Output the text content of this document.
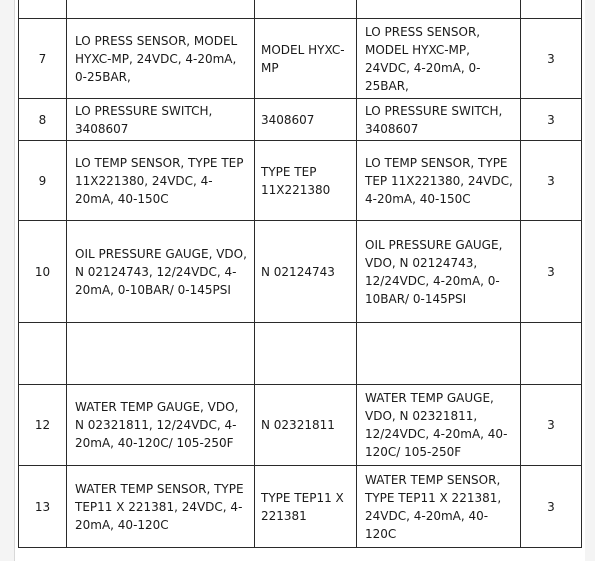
7	LO PRESS SENSOR, MODEL HYXC-MP, 24VDC, 4-20mA, 0-25BAR,	MODEL HYXC-MP	LO PRESS SENSOR, MODEL HYXC-MP, 24VDC, 4-20mA, 0-25BAR,	3
8	LO PRESSURE SWITCH, 3408607	3408607	LO PRESSURE SWITCH, 3408607	3
9	LO TEMP SENSOR, TYPE TEP 11X221380, 24VDC, 4-20mA, 40-150C	TYPE TEP 11X221380	LO TEMP SENSOR, TYPE TEP 11X221380, 24VDC, 4-20mA, 40-150C	3
10	OIL PRESSURE GAUGE, VDO, N 02124743, 12/24VDC, 4-20mA, 0-10BAR/ 0-145PSI	N 02124743	OIL PRESSURE GAUGE, VDO, N 02124743, 12/24VDC, 4-20mA, 0-10BAR/ 0-145PSI	3

12	WATER TEMP GAUGE, VDO, N 02321811, 12/24VDC, 4-20mA, 40-120C/ 105-250F	N 02321811	WATER TEMP GAUGE, VDO, N 02321811, 12/24VDC, 4-20mA, 40-120C/ 105-250F	3
13	WATER TEMP SENSOR, TYPE TEP11 X 221381, 24VDC, 4-20mA, 40-120C	TYPE TEP11 X 221381	WATER TEMP SENSOR, TYPE TEP11 X 221381, 24VDC, 4-20mA, 40-120C	3
